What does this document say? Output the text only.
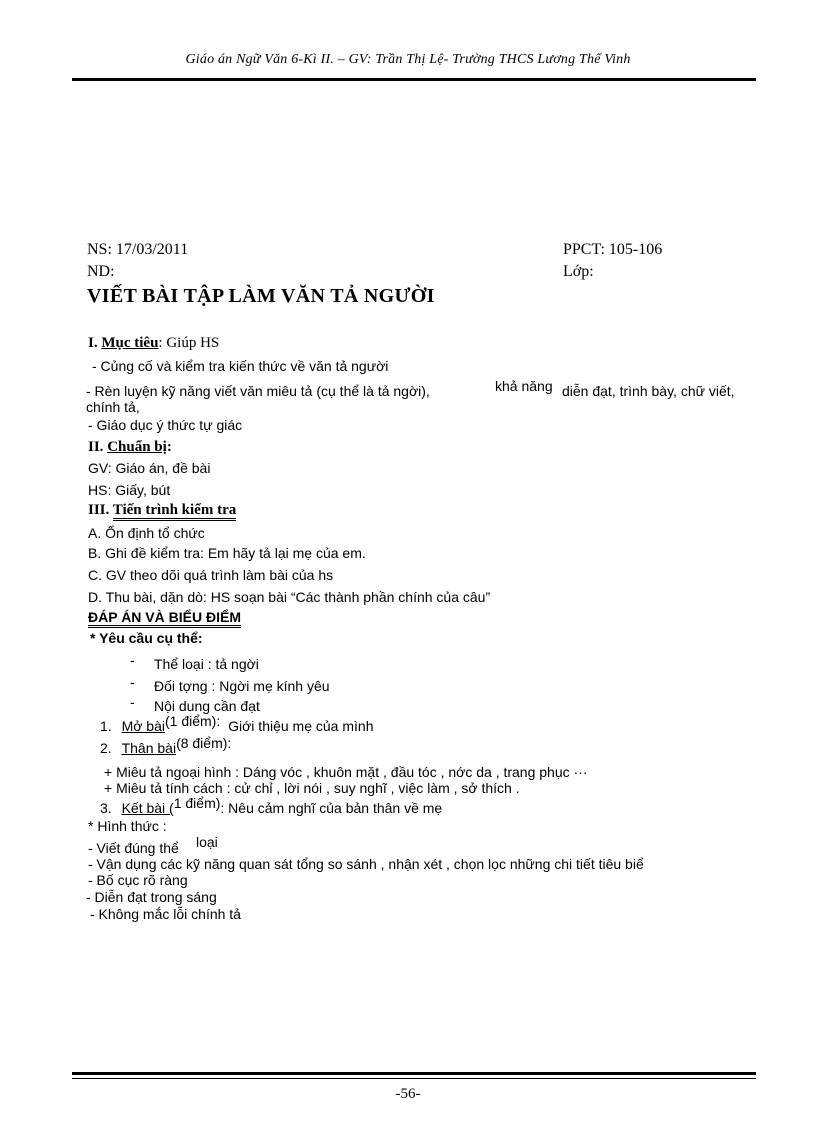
Giáo án Ngữ Văn 6-Kì II. – GV: Trần Thị Lệ- Trường THCS Lương Thế Vinh
NS: 17/03/2011	PPCT: 105-106
ND:	Lớp:
VIẾT BÀI TẬP LÀM VĂN TẢ NGƯỜI
I. Mục tiêu: Giúp HS
- Củng cố và kiểm tra kiến thức về văn tả người
- Rèn luyện kỹ năng viết văn miêu tả (cụ thể là tả ngời),	khả năng diễn đạt, trình bày, chữ viết,
chính tả,
- Giáo dục ý thức tự giác
II. Chuẩn bị:
GV: Giáo án, đề bài
HS: Giấy, bút
III. Tiến trình kiểm tra
A. Ổn định tổ chức
B. Ghi đề kiểm tra: Em hãy tả lại mẹ của em.
C. GV theo dõi quá trình làm bài của hs
D. Thu bài, dặn dò: HS soạn bài “Các thành phần chính của câu”
ĐÁP ÁN VÀ BIỂU ĐIỂM
* Yêu cầu cụ thể:
- Thể loại : tả ngời
- Đối tợng : Ngời mẹ kính yêu
- Nội dung cần đạt
1. Mở bài(1 điểm): Giới thiệu mẹ của mình
2. Thân bài(8 điểm):
+ Miêu tả ngoại hình : Dáng vóc , khuôn mặt , đầu tóc , nớc da , trang phục ···
+ Miêu tả tính cách : cử chỉ , lời nói , suy nghĩ , việc làm , sở thích .
3. Kết bài (1 điểm): Nêu cảm nghĩ của bản thân về mẹ
* Hình thức :
- Viết đúng thể loại
- Vận dụng các kỹ năng quan sát tổng so sánh , nhận xét , chọn lọc những chi tiết tiêu biể
- Bố cục rõ ràng
- Diễn đạt trong sáng
- Không mắc lỗi chính tả
-56-
